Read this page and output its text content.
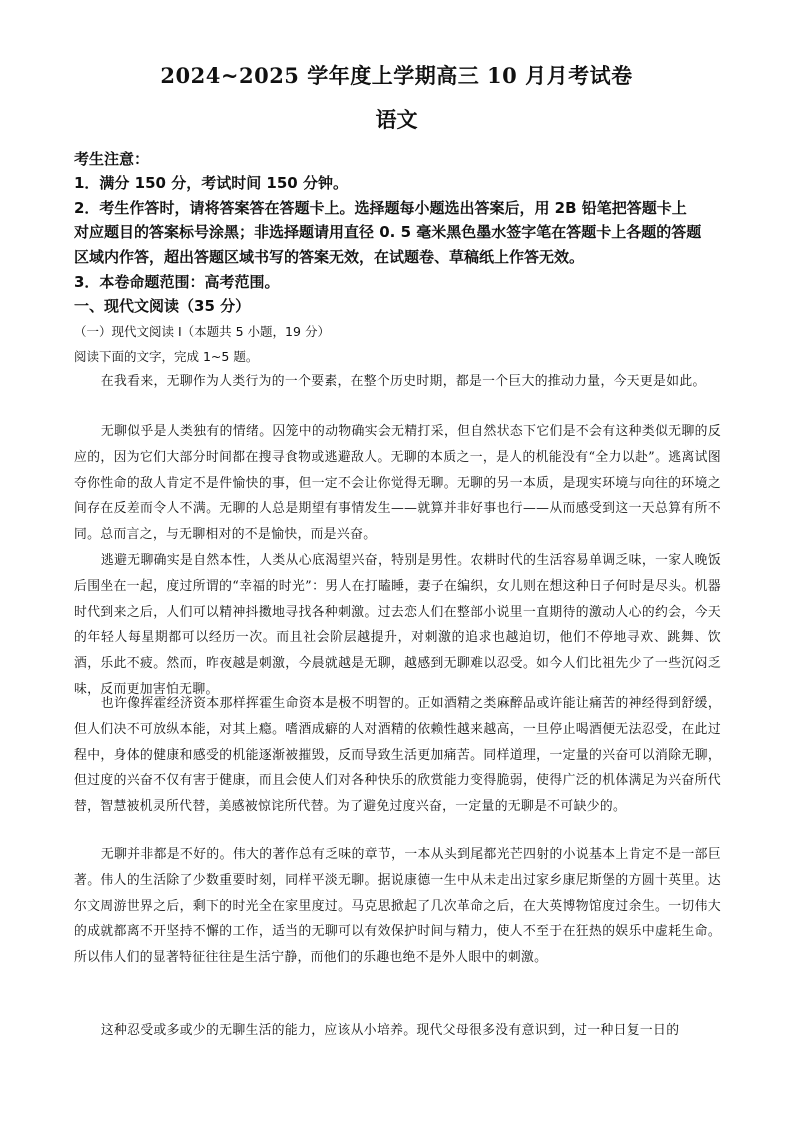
2024~2025 学年度上学期高三 10 月月考试卷
语文
考生注意：
1．满分 150 分，考试时间 150 分钟。
2．考生作答时，请将答案答在答题卡上。选择题每小题选出答案后，用 2B 铅笔把答题卡上
对应题目的答案标号涂黑；非选择题请用直径 0. 5 毫米黑色墨水签字笔在答题卡上各题的答题
区域内作答，超出答题区域书写的答案无效，在试题卷、草稿纸上作答无效。
3．本卷命题范围：高考范围。
一、现代文阅读（35 分）
（一）现代文阅读 I（本题共 5 小题，19 分）
阅读下面的文字，完成 1~5 题。
在我看来，无聊作为人类行为的一个要素，在整个历史时期，都是一个巨大的推动力量，今天更是如此。
无聊似乎是人类独有的情绪。囚笼中的动物确实会无精打采，但自然状态下它们是不会有这种类似无聊的反应的，因为它们大部分时间都在搜寻食物或逃避敌人。无聊的本质之一，是人的机能没有“全力以赴”。逃离试图夺你性命的敌人肯定不是件愉快的事，但一定不会让你觉得无聊。无聊的另一本质，是现实环境与向往的环境之间存在反差而令人不满。无聊的人总是期望有事情发生——就算并非好事也行——从而感受到这一天总算有所不同。总而言之，与无聊相对的不是愉快，而是兴奋。
逃避无聊确实是自然本性，人类从心底渴望兴奋，特别是男性。农耕时代的生活容易单调乏味，一家人晚饭后围坐在一起，度过所谓的“幸福的时光”：男人在打瞌睡，妻子在编织，女儿则在想这种日子何时是尽头。机器时代到来之后，人们可以精神抖擞地寻找各种刺激。过去恋人们在整部小说里一直期待的激动人心的约会，今天的年轻人每星期都可以经历一次。而且社会阶层越提升，对刺激的追求也越迫切，他们不停地寻欢、跳舞、饮酒，乐此不疲。然而，昨夜越是刺激，今晨就越是无聊，越感到无聊难以忍受。如今人们比祖先少了一些沉闷乏味，反而更加害怕无聊。
也许像挥霍经济资本那样挥霍生命资本是极不明智的。正如酒精之类麻醉品或许能让痛苦的神经得到舒缓，但人们决不可放纵本能，对其上瘾。嗜酒成癖的人对酒精的依赖性越来越高，一旦停止喝酒便无法忍受，在此过程中，身体的健康和感受的机能逐渐被摧毁，反而导致生活更加痛苦。同样道理，一定量的兴奋可以消除无聊，但过度的兴奋不仅有害于健康，而且会使人们对各种快乐的欣赏能力变得脆弱，使得广泛的机体满足为兴奋所代替，智慧被机灵所代替，美感被惊诧所代替。为了避免过度兴奋，一定量的无聊是不可缺少的。
无聊并非都是不好的。伟大的著作总有乏味的章节，一本从头到尾都光芒四射的小说基本上肯定不是一部巨著。伟人的生活除了少数重要时刻，同样平淡无聊。据说康德一生中从未走出过家乡康尼斯堡的方圆十英里。达尔文周游世界之后，剩下的时光全在家里度过。马克思掀起了几次革命之后，在大英博物馆度过余生。一切伟大的成就都离不开坚持不懈的工作，适当的无聊可以有效保护时间与精力，使人不至于在狂热的娱乐中虚耗生命。所以伟人们的显著特征往往是生活宁静，而他们的乐趣也绝不是外人眼中的刺激。
这种忍受或多或少的无聊生活的能力，应该从小培养。现代父母很多没有意识到，过一种日复一日的
